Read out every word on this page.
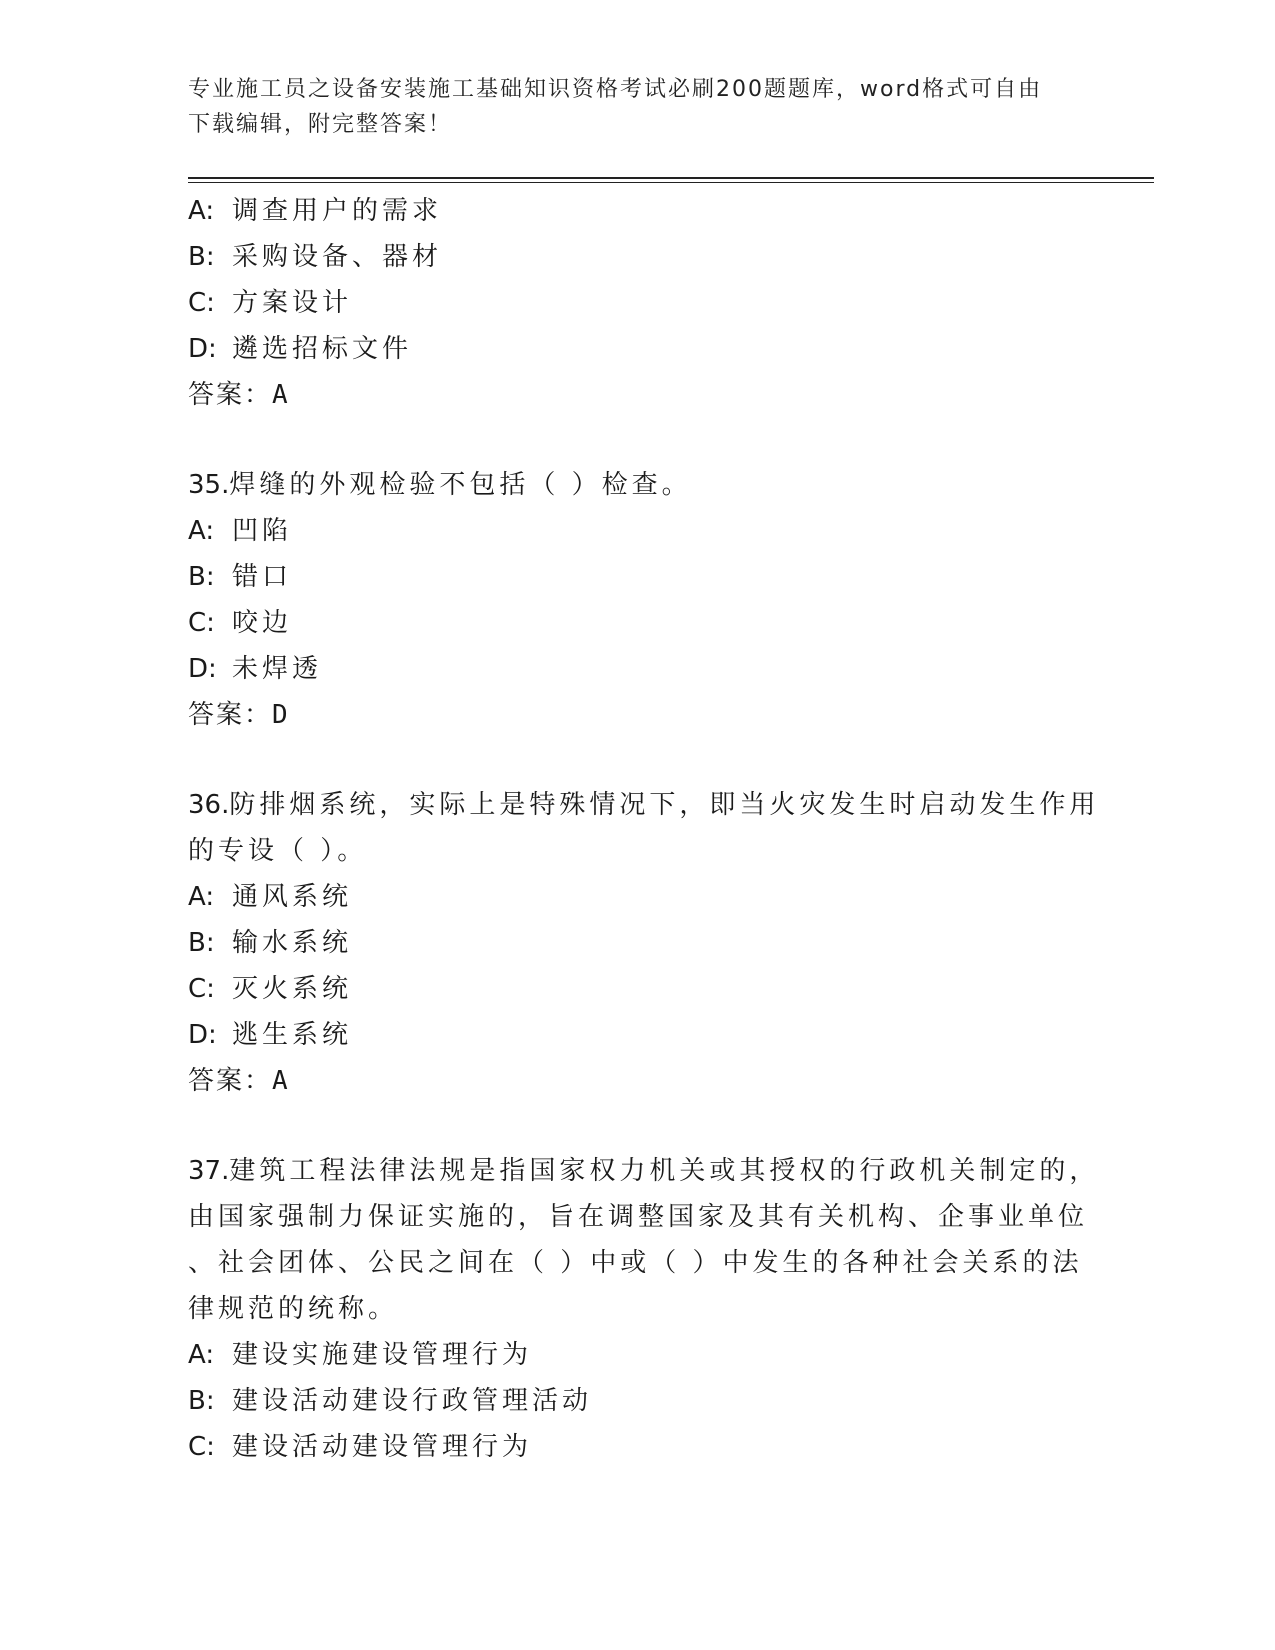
专业施工员之设备安装施工基础知识资格考试必刷200题题库，word格式可自由
下载编辑，附完整答案！
A: 调查用户的需求
B: 采购设备、器材
C: 方案设计
D: 遴选招标文件
答案：A
35.焊缝的外观检验不包括（ ）检查。
A: 凹陷
B: 错口
C: 咬边
D: 未焊透
答案：D
36.防排烟系统，实际上是特殊情况下，即当火灾发生时启动发生作用
的专设（ ）。
A: 通风系统
B: 输水系统
C: 灭火系统
D: 逃生系统
答案：A
37.建筑工程法律法规是指国家权力机关或其授权的行政机关制定的，
由国家强制力保证实施的，旨在调整国家及其有关机构、企事业单位
、社会团体、公民之间在（ ）中或（ ）中发生的各种社会关系的法
律规范的统称。
A: 建设实施建设管理行为
B: 建设活动建设行政管理活动
C: 建设活动建设管理行为
